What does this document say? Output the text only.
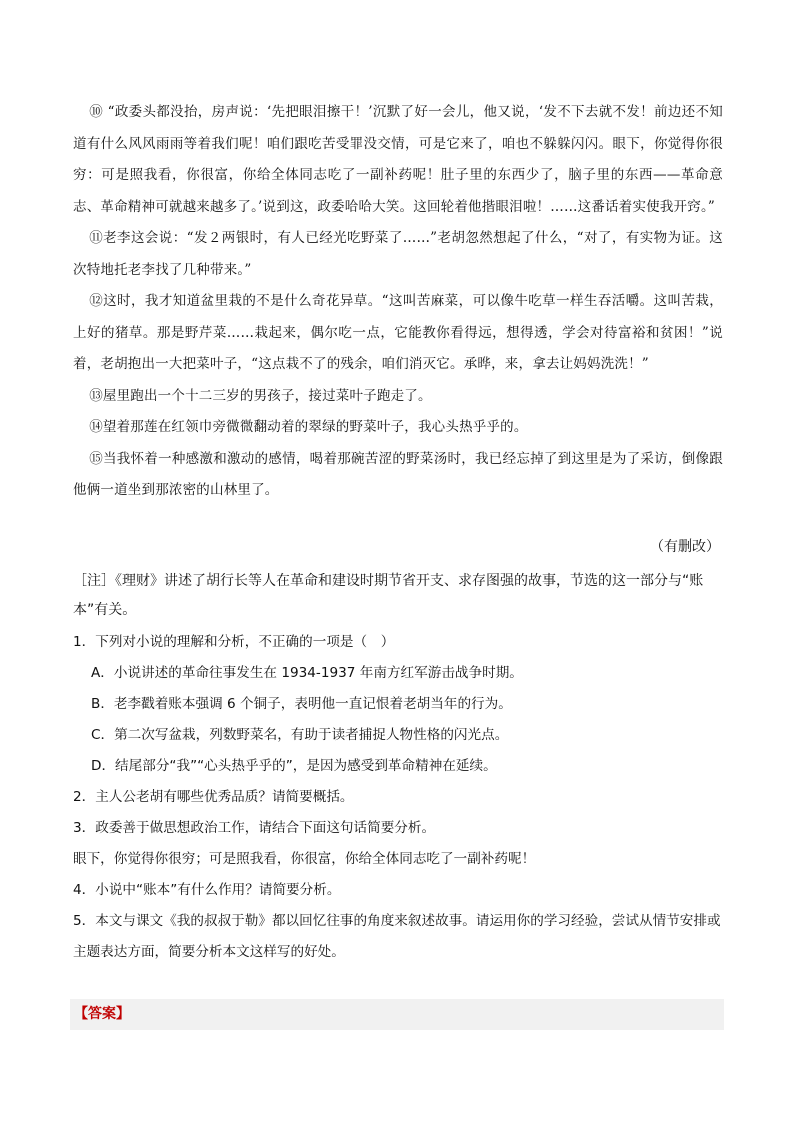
⑩ “政委头都没抬，房声说：‘先把眼泪擦干！’沉默了好一会儿，他又说，‘发不下去就不发！前边还不知道有什么风风雨雨等着我们呢！咱们跟吃苦受罪没交情，可是它来了，咱也不躲躲闪闪。眼下，你觉得你很穷：可是照我看，你很富，你给全体同志吃了一副补药呢！肚子里的东西少了，脑子里的东西——革命意志、革命精神可就越来越多了。’说到这，政委哈哈大笑。这回轮着他揩眼泪啦！……这番话着实使我开窍。”

⑪老李这会说：“发２两银时，有人已经光吃野菜了……”老胡忽然想起了什么，“对了，有实物为证。这次特地托老李找了几种带来。”

⑫这时，我才知道盆里栽的不是什么奇花异草。“这叫苦麻菜，可以像牛吃草一样生吞活嚼。这叫苦栽，上好的猪草。那是野芹菜……栽起来，偶尔吃一点，它能教你看得远，想得透，学会对待富裕和贫困！”说着，老胡抱出一大把菜叶子，“这点栽不了的残余，咱们消灭它。承晔，来，拿去让妈妈洗洗！”

⑬屋里跑出一个十二三岁的男孩子，接过菜叶子跑走了。

⑭望着那莲在红领巾旁微微翻动着的翠绿的野菜叶子，我心头热乎乎的。

⑮当我怀着一种感激和激动的感情，喝着那碗苦涩的野菜汤时，我已经忘掉了到这里是为了采访，倒像跟他俩一道坐到那浓密的山林里了。

（有删改）
［注］《理财》讲述了胡行长等人在革命和建设时期节省开支、求存图强的故事，节选的这一部分与“账本”有关。

1．下列对小说的理解和分析，不正确的一项是（　）

A．小说讲述的革命往事发生在 1934-1937 年南方红军游击战争时期。

B．老李戳着账本强调 6 个铜子，表明他一直记恨着老胡当年的行为。

C．第二次写盆栽，列数野菜名，有助于读者捕捉人物性格的闪光点。

D．结尾部分“我”“心头热乎乎的”，是因为感受到革命精神在延续。

2．主人公老胡有哪些优秀品质？请简要概括。

3．政委善于做思想政治工作，请结合下面这句话简要分析。

眼下，你觉得你很穷；可是照我看，你很富，你给全体同志吃了一副补药呢！

4．小说中“账本”有什么作用？请简要分析。

5．本文与课文《我的叔叔于勒》都以回忆往事的角度来叙述故事。请运用你的学习经验，尝试从情节安排或主题表达方面，简要分析本文这样写的好处。

【答案】
